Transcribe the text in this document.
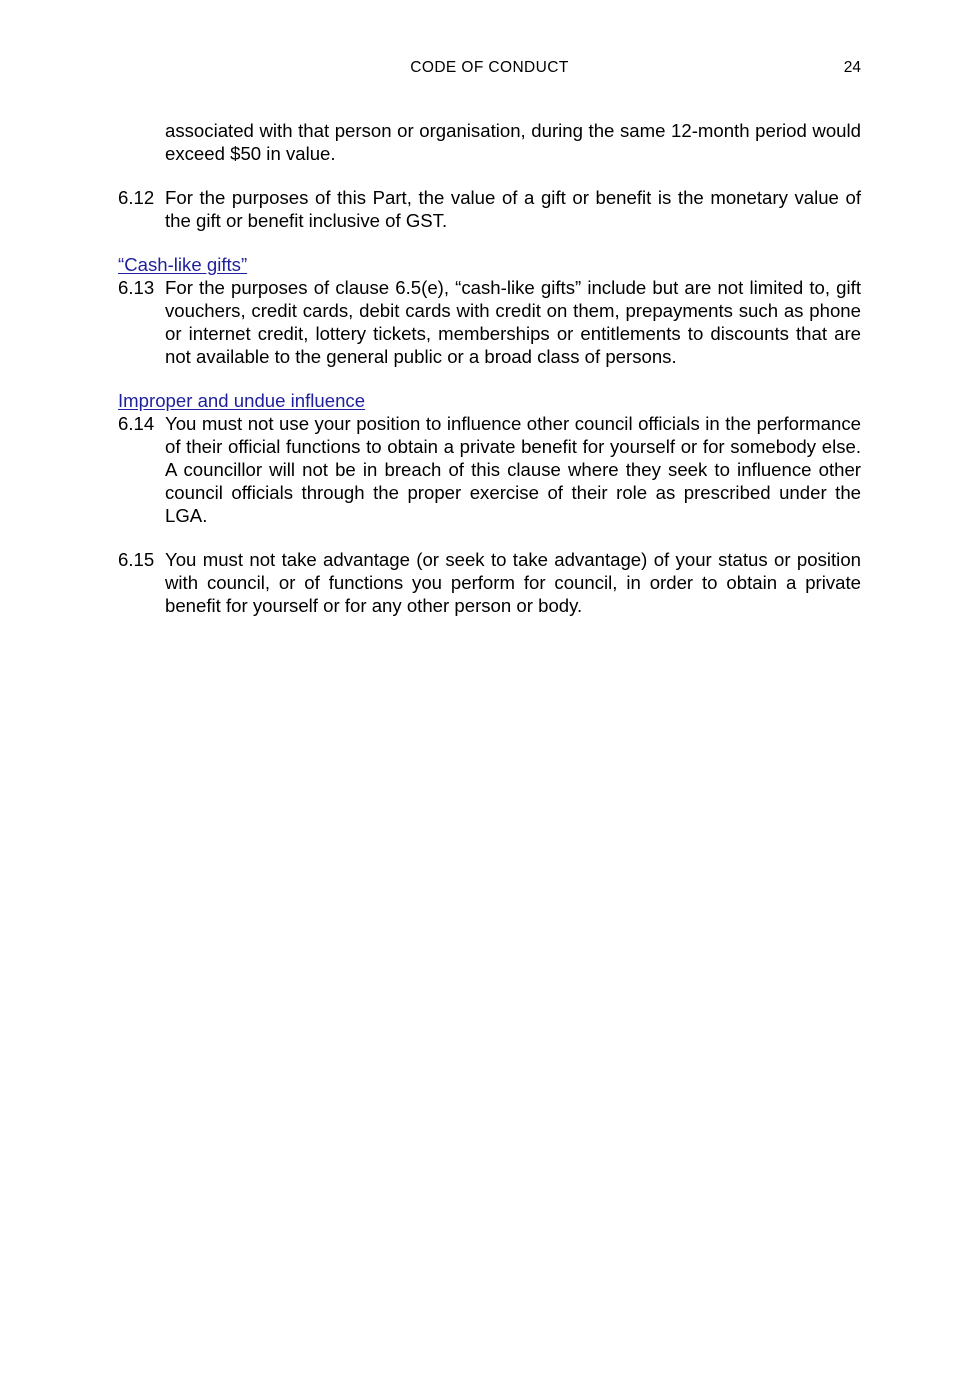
CODE OF CONDUCT	24

associated with that person or organisation, during the same 12-month period would exceed $50 in value.

6.12 For the purposes of this Part, the value of a gift or benefit is the monetary value of the gift or benefit inclusive of GST.
“Cash-like gifts”
6.13 For the purposes of clause 6.5(e), “cash-like gifts” include but are not limited to, gift vouchers, credit cards, debit cards with credit on them, prepayments such as phone or internet credit, lottery tickets, memberships or entitlements to discounts that are not available to the general public or a broad class of persons.
Improper and undue influence
6.14 You must not use your position to influence other council officials in the performance of their official functions to obtain a private benefit for yourself or for somebody else. A councillor will not be in breach of this clause where they seek to influence other council officials through the proper exercise of their role as prescribed under the LGA.
6.15 You must not take advantage (or seek to take advantage) of your status or position with council, or of functions you perform for council, in order to obtain a private benefit for yourself or for any other person or body.
